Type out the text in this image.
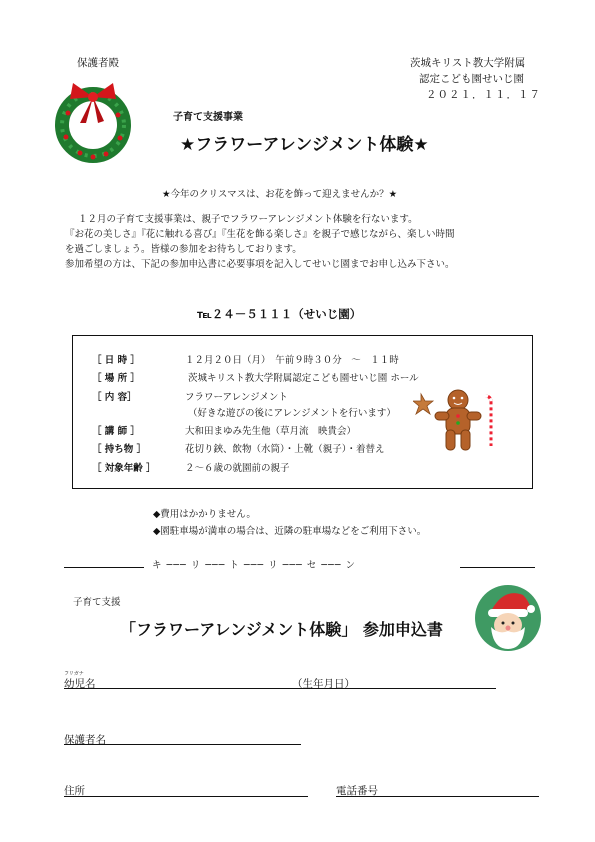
保護者殿	茨城キリスト教大学附属
認定こども園せいじ園
２０２１．１１．１７
子育て支援事業
★フラワーアレンジメント体験★
★今年のクリスマスは、お花を飾って迎えませんか？★
１２月の子育て支援事業は、親子でフラワーアレンジメント体験を行ないます。
『お花の美しさ』『花に触れる喜び』『生花を飾る楽しさ』を親子で感じながら、楽しい時間
を過ごしましょう。皆様の参加をお待ちしております。
参加希望の方は、下記の参加申込書に必要事項を記入してせいじ園までお申し込み下さい。
℡２４－５１１１（せいじ園）
［ 日 時 ］	１２月２０日（月）　午前９時３０分　～　１１時
［ 場 所 ］	茨城キリスト教大学附属認定こども園せいじ園 ホール
［ 内 容］	フラワーアレンジメント
（好きな遊びの後にアレンジメントを行います）
［ 講 師 ］	大和田まゆみ先生他（草月流　映貴会）
［ 持ち物 ］	花切り鋏、飲物（水筒）・上靴（親子）・着替え
［ 対象年齢 ］	２～６歳の就園前の親子
◆費用はかかりません。
◆園駐車場が満車の場合は、近隣の駐車場などをご利用下さい。
キ ─── リ ─── ト ─── リ ─── セ ─── ン
子育て支援
「フラワーアレンジメント体験」 参加申込書
フリガナ
幼児名	（生年月日）
保護者名
住所	電話番号
